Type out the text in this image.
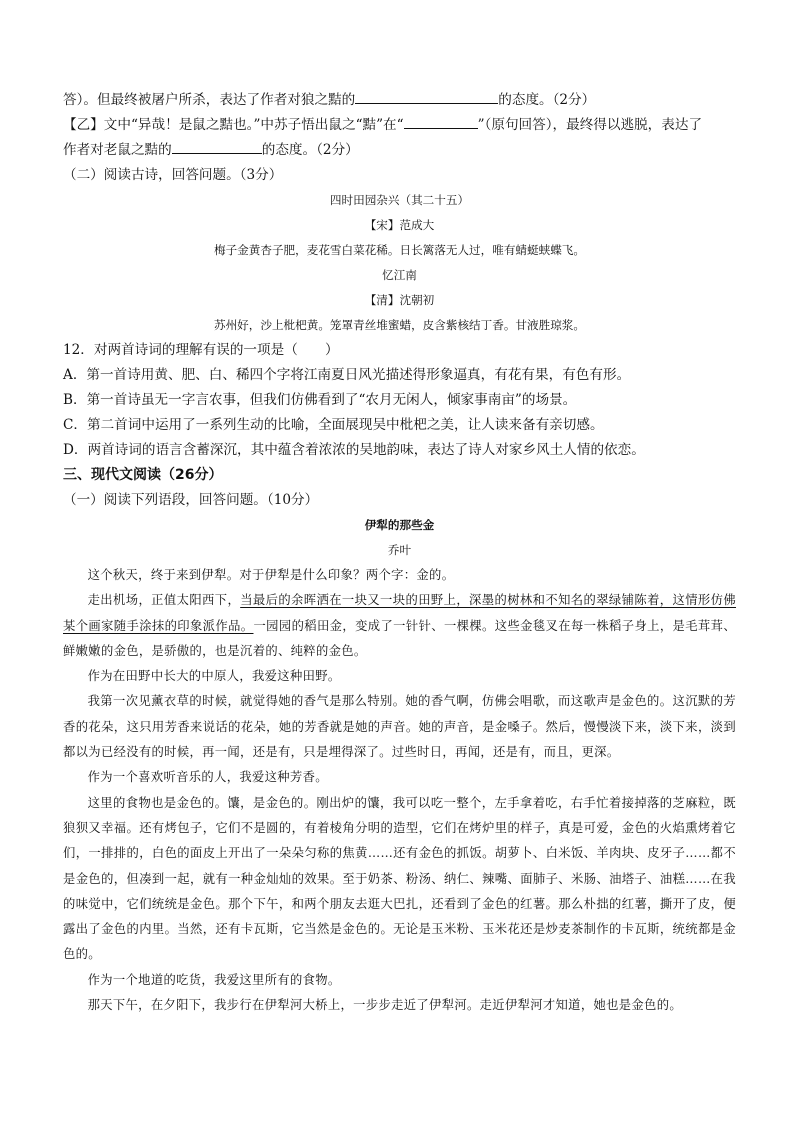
答）。但最终被屠户所杀，表达了作者对狼之黠的	的态度。（2分）
【乙】文中“异哉！是鼠之黠也。”中苏子悟出鼠之“黠”在“	”（原句回答），最终得以逃脱，表达了
作者对老鼠之黠的	的态度。（2分）
（二）阅读古诗，回答问题。（3分）
四时田园杂兴（其二十五）
【宋】范成大
梅子金黄杏子肥，麦花雪白菜花稀。日长篱落无人过，唯有蜻蜓蛱蝶飞。
忆江南
【清】沈朝初
苏州好，沙上枇杷黄。笼罩青丝堆蜜蜡，皮含紫核结丁香。甘液胜琼浆。
12．对两首诗词的理解有误的一项是（　　）
A．第一首诗用黄、肥、白、稀四个字将江南夏日风光描述得形象逼真，有花有果，有色有形。
B．第一首诗虽无一字言农事，但我们仿佛看到了“农月无闲人，倾家事南亩”的场景。
C．第二首词中运用了一系列生动的比喻，全面展现吴中枇杷之美，让人读来备有亲切感。
D．两首诗词的语言含蓄深沉，其中蕴含着浓浓的吴地韵味，表达了诗人对家乡风土人情的依恋。
三、现代文阅读（26分）
（一）阅读下列语段，回答问题。（10分）
伊犁的那些金
乔叶

这个秋天，终于来到伊犁。对于伊犁是什么印象？两个字：金的。

走出机场，正值太阳西下，当最后的余晖洒在一块又一块的田野上，深墨的树林和不知名的翠绿铺陈着，这情形仿佛某个画家随手涂抹的印象派作品。一园园的稻田金，变成了一针针、一棵棵。这些金毯叉在每一株稻子身上，是毛茸茸、鲜嫩嫩的金色，是骄傲的，也是沉着的、纯粹的金色。

作为在田野中长大的中原人，我爱这种田野。

我第一次见薰衣草的时候，就觉得她的香气是那么特别。她的香气啊，仿佛会唱歌，而这歌声是金色的。这沉默的芳香的花朵，这只用芳香来说话的花朵，她的芳香就是她的声音。她的声音，是金嗓子。然后，慢慢淡下来，淡下来，淡到都以为已经没有的时候，再一闻，还是有，只是埋得深了。过些时日，再闻，还是有，而且，更深。

作为一个喜欢听音乐的人，我爱这种芳香。

这里的食物也是金色的。馕，是金色的。刚出炉的馕，我可以吃一整个，左手拿着吃，右手忙着接掉落的芝麻粒，既狼狈又幸福。还有烤包子，它们不是圆的，有着棱角分明的造型，它们在烤炉里的样子，真是可爱，金色的火焰熏烤着它们，一排排的，白色的面皮上开出了一朵朵匀称的焦黄……还有金色的抓饭。胡萝卜、白米饭、羊肉块、皮牙子……都不是金色的，但凑到一起，就有一种金灿灿的效果。至于奶茶、粉汤、纳仁、辣嘴、面肺子、米肠、油塔子、油糕……在我的味觉中，它们统统是金色。那个下午，和两个朋友去逛大巴扎，还看到了金色的红薯。那么朴拙的红薯，撕开了皮，便露出了金色的内里。当然，还有卡瓦斯，它当然是金色的。无论是玉米粉、玉米花还是炒麦茶制作的卡瓦斯，统统都是金色的。

作为一个地道的吃货，我爱这里所有的食物。

那天下午，在夕阳下，我步行在伊犁河大桥上，一步步走近了伊犁河。走近伊犁河才知道，她也是金色的。
